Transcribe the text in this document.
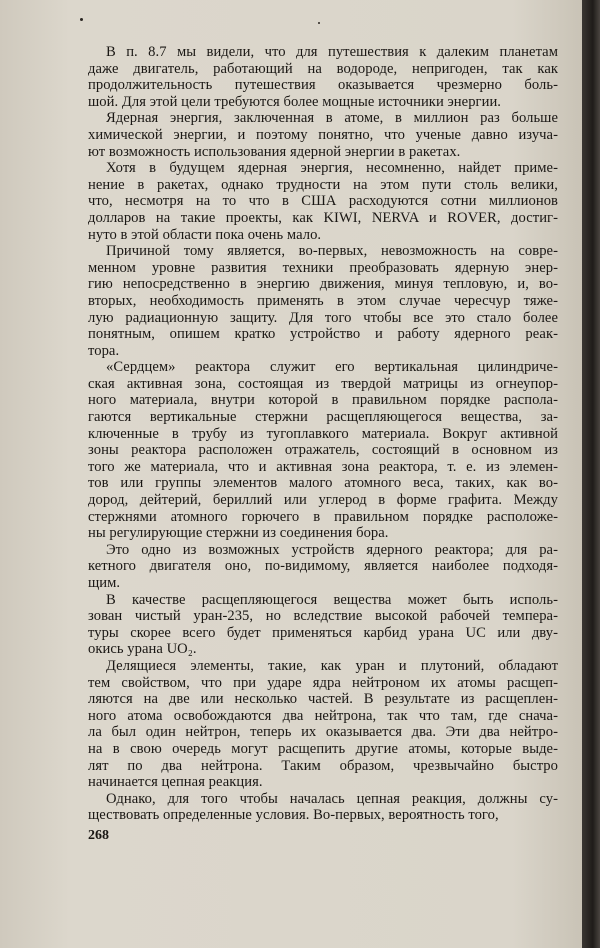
В п. 8.7 мы видели, что для путешествия к далеким планетам
даже двигатель, работающий на водороде, непригоден, так как
продолжительность путешествия оказывается чрезмерно боль-
шой. Для этой цели требуются более мощные источники энергии.
Ядерная энергия, заключенная в атоме, в миллион раз больше
химической энергии, и поэтому понятно, что ученые давно изуча-
ют возможность использования ядерной энергии в ракетах.
Хотя в будущем ядерная энергия, несомненно, найдет приме-
нение в ракетах, однако трудности на этом пути столь велики,
что, несмотря на то что в США расходуются сотни миллионов
долларов на такие проекты, как KIWI, NERVA и ROVER, достиг-
нуто в этой области пока очень мало.
Причиной тому является, во-первых, невозможность на совре-
менном уровне развития техники преобразовать ядерную энер-
гию непосредственно в энергию движения, минуя тепловую, и, во-
вторых, необходимость применять в этом случае чересчур тяже-
лую радиационную защиту. Для того чтобы все это стало более
понятным, опишем кратко устройство и работу ядерного реак-
тора.
«Сердцем» реактора служит его вертикальная цилиндриче-
ская активная зона, состоящая из твердой матрицы из огнеупор-
ного материала, внутри которой в правильном порядке распола-
гаются вертикальные стержни расщепляющегося вещества, за-
ключенные в трубу из тугоплавкого материала. Вокруг активной
зоны реактора расположен отражатель, состоящий в основном из
того же материала, что и активная зона реактора, т. е. из элемен-
тов или группы элементов малого атомного веса, таких, как во-
дород, дейтерий, бериллий или углерод в форме графита. Между
стержнями атомного горючего в правильном порядке расположе-
ны регулирующие стержни из соединения бора.
Это одно из возможных устройств ядерного реактора; для ра-
кетного двигателя оно, по-видимому, является наиболее подходя-
щим.
В качестве расщепляющегося вещества может быть исполь-
зован чистый уран-235, но вследствие высокой рабочей темпера-
туры скорее всего будет применяться карбид урана UC или дву-
окись урана UO₂.
Делящиеся элементы, такие, как уран и плутоний, обладают
тем свойством, что при ударе ядра нейтроном их атомы расщеп-
ляются на две или несколько частей. В результате из расщеплен-
ного атома освобождаются два нейтрона, так что там, где снача-
ла был один нейтрон, теперь их оказывается два. Эти два нейтро-
на в свою очередь могут расщепить другие атомы, которые выде-
лят по два нейтрона. Таким образом, чрезвычайно быстро
начинается цепная реакция.
Однако, для того чтобы началась цепная реакция, должны су-
ществовать определенные условия. Во-первых, вероятность того,
268
